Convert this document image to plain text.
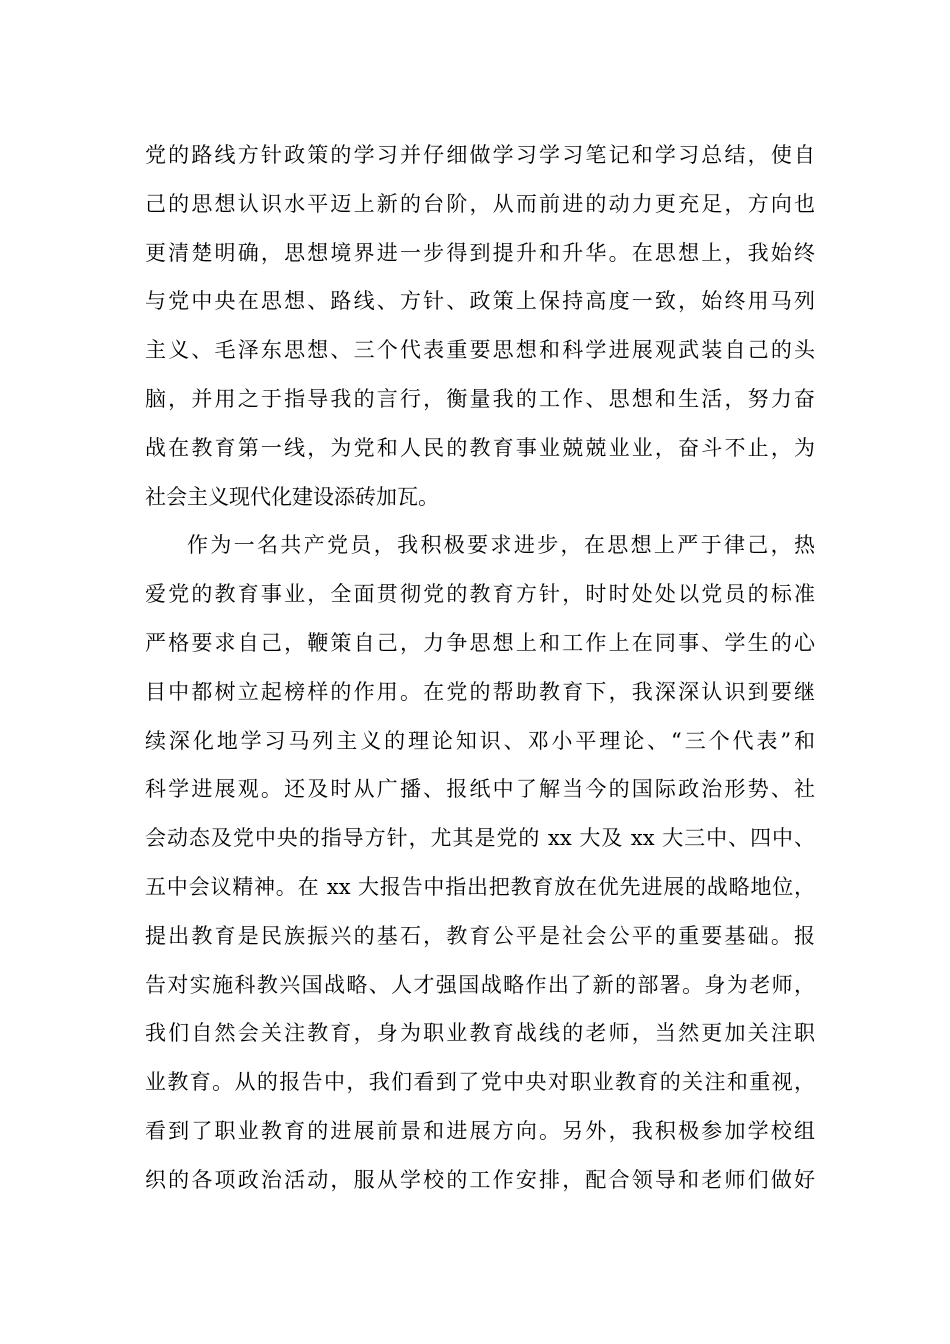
党的路线方针政策的学习并仔细做学习学习笔记和学习总结，使自
己的思想认识水平迈上新的台阶，从而前进的动力更充足，方向也
更清楚明确，思想境界进一步得到提升和升华。在思想上，我始终
与党中央在思想、路线、方针、政策上保持高度一致，始终用马列
主义、毛泽东思想、三个代表重要思想和科学进展观武装自己的头
脑，并用之于指导我的言行，衡量我的工作、思想和生活，努力奋
战在教育第一线，为党和人民的教育事业兢兢业业，奋斗不止，为
社会主义现代化建设添砖加瓦。
作为一名共产党员，我积极要求进步，在思想上严于律己，热
爱党的教育事业，全面贯彻党的教育方针，时时处处以党员的标准
严格要求自己，鞭策自己，力争思想上和工作上在同事、学生的心
目中都树立起榜样的作用。在党的帮助教育下，我深深认识到要继
续深化地学习马列主义的理论知识、邓小平理论、“三个代表”和
科学进展观。还及时从广播、报纸中了解当今的国际政治形势、社
会动态及党中央的指导方针，尤其是党的 xx 大及 xx 大三中、四中、
五中会议精神。在 xx 大报告中指出把教育放在优先进展的战略地位，
提出教育是民族振兴的基石，教育公平是社会公平的重要基础。报
告对实施科教兴国战略、人才强国战略作出了新的部署。身为老师，
我们自然会关注教育，身为职业教育战线的老师，当然更加关注职
业教育。从的报告中，我们看到了党中央对职业教育的关注和重视，
看到了职业教育的进展前景和进展方向。另外，我积极参加学校组
织的各项政治活动，服从学校的工作安排，配合领导和老师们做好
